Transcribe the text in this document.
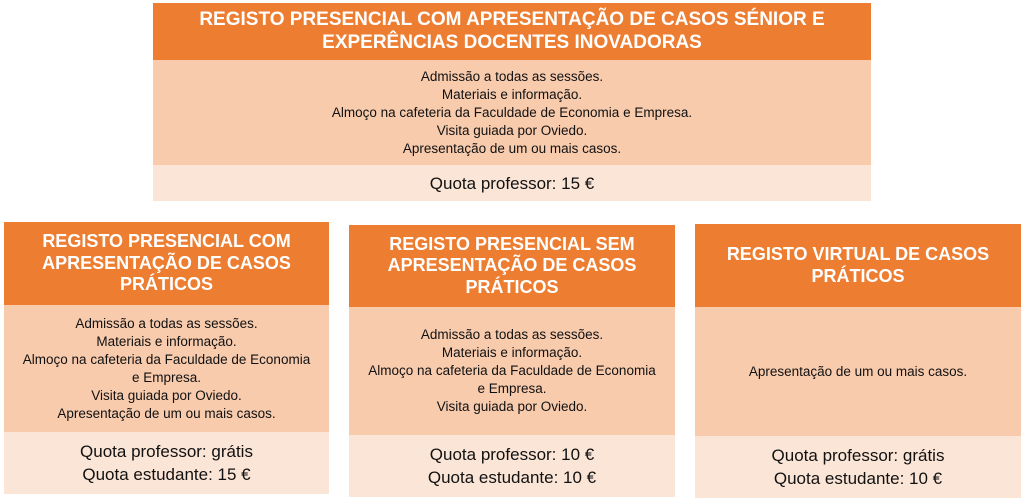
REGISTO PRESENCIAL COM APRESENTAÇÃO DE CASOS SÉNIOR E
EXPERÊNCIAS DOCENTES INOVADORAS
Admissão a todas as sessões.
Materiais e informação.
Almoço na cafeteria da Faculdade de Economia e Empresa.
Visita guiada por Oviedo.
Apresentação de um ou mais casos.
Quota professor: 15 €
REGISTO PRESENCIAL COM
APRESENTAÇÃO DE CASOS
PRÁTICOS
Admissão a todas as sessões.
Materiais e informação.
Almoço na cafeteria da Faculdade de Economia
e Empresa.
Visita guiada por Oviedo.
Apresentação de um ou mais casos.
Quota professor: grátis
Quota estudante: 15 €
REGISTO PRESENCIAL SEM
APRESENTAÇÃO DE CASOS
PRÁTICOS
Admissão a todas as sessões.
Materiais e informação.
Almoço na cafeteria da Faculdade de Economia
e Empresa.
Visita guiada por Oviedo.
Quota professor: 10 €
Quota estudante: 10 €
REGISTO VIRTUAL DE CASOS
PRÁTICOS
Apresentação de um ou mais casos.
Quota professor: grátis
Quota estudante: 10 €
